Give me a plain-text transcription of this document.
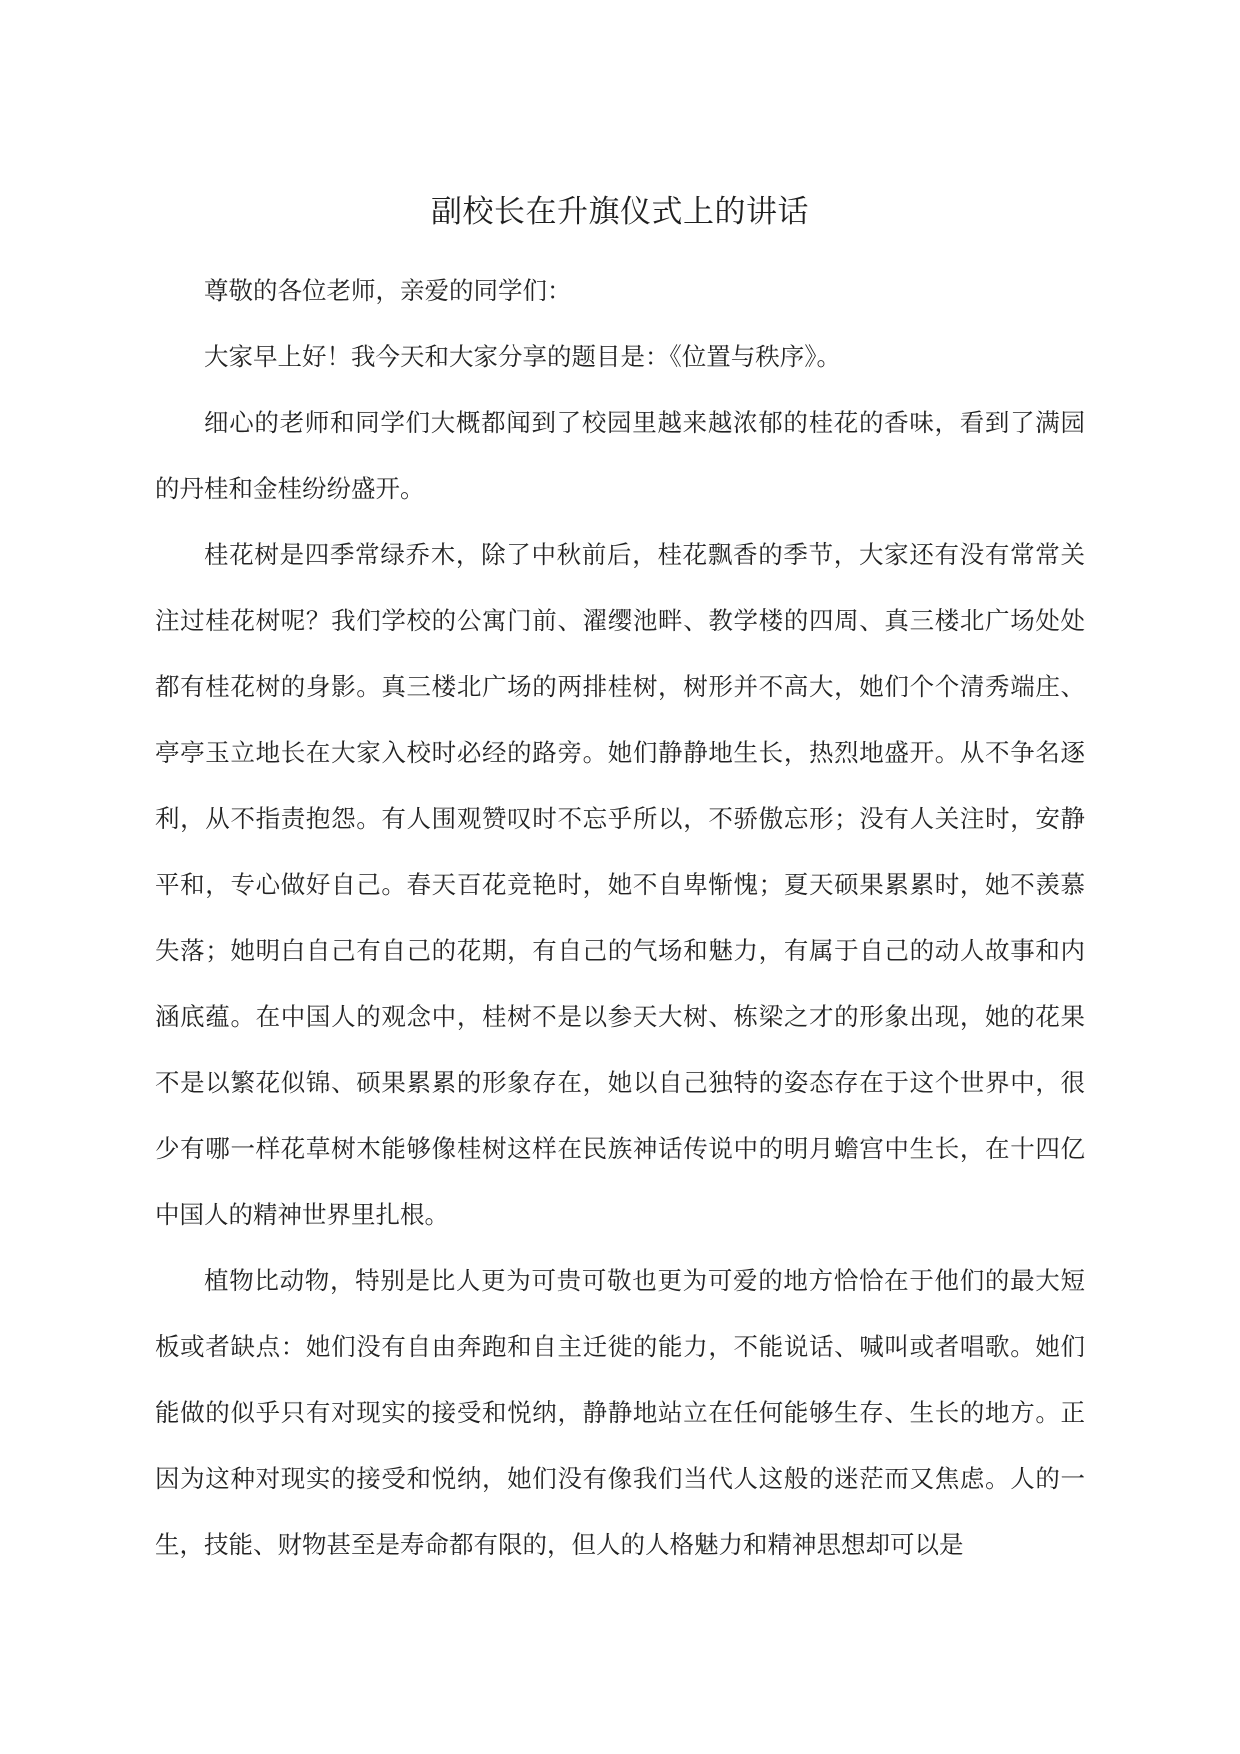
副校长在升旗仪式上的讲话

尊敬的各位老师，亲爱的同学们：

大家早上好！我今天和大家分享的题目是：《位置与秩序》。

细心的老师和同学们大概都闻到了校园里越来越浓郁的桂花的香味，看到了满园的丹桂和金桂纷纷盛开。

桂花树是四季常绿乔木，除了中秋前后，桂花飘香的季节，大家还有没有常常关注过桂花树呢？我们学校的公寓门前、濯缨池畔、教学楼的四周、真三楼北广场处处都有桂花树的身影。真三楼北广场的两排桂树，树形并不高大，她们个个清秀端庄、亭亭玉立地长在大家入校时必经的路旁。她们静静地生长，热烈地盛开。从不争名逐利，从不指责抱怨。有人围观赞叹时不忘乎所以，不骄傲忘形；没有人关注时，安静平和，专心做好自己。春天百花竞艳时，她不自卑惭愧；夏天硕果累累时，她不羡慕失落；她明白自己有自己的花期，有自己的气场和魅力，有属于自己的动人故事和内涵底蕴。在中国人的观念中，桂树不是以参天大树、栋梁之才的形象出现，她的花果不是以繁花似锦、硕果累累的形象存在，她以自己独特的姿态存在于这个世界中，很少有哪一样花草树木能够像桂树这样在民族神话传说中的明月蟾宫中生长，在十四亿中国人的精神世界里扎根。

植物比动物，特别是比人更为可贵可敬也更为可爱的地方恰恰在于他们的最大短板或者缺点：她们没有自由奔跑和自主迁徙的能力，不能说话、喊叫或者唱歌。她们能做的似乎只有对现实的接受和悦纳，静静地站立在任何能够生存、生长的地方。正因为这种对现实的接受和悦纳，她们没有像我们当代人这般的迷茫而又焦虑。人的一生，技能、财物甚至是寿命都有限的，但人的人格魅力和精神思想却可以是
